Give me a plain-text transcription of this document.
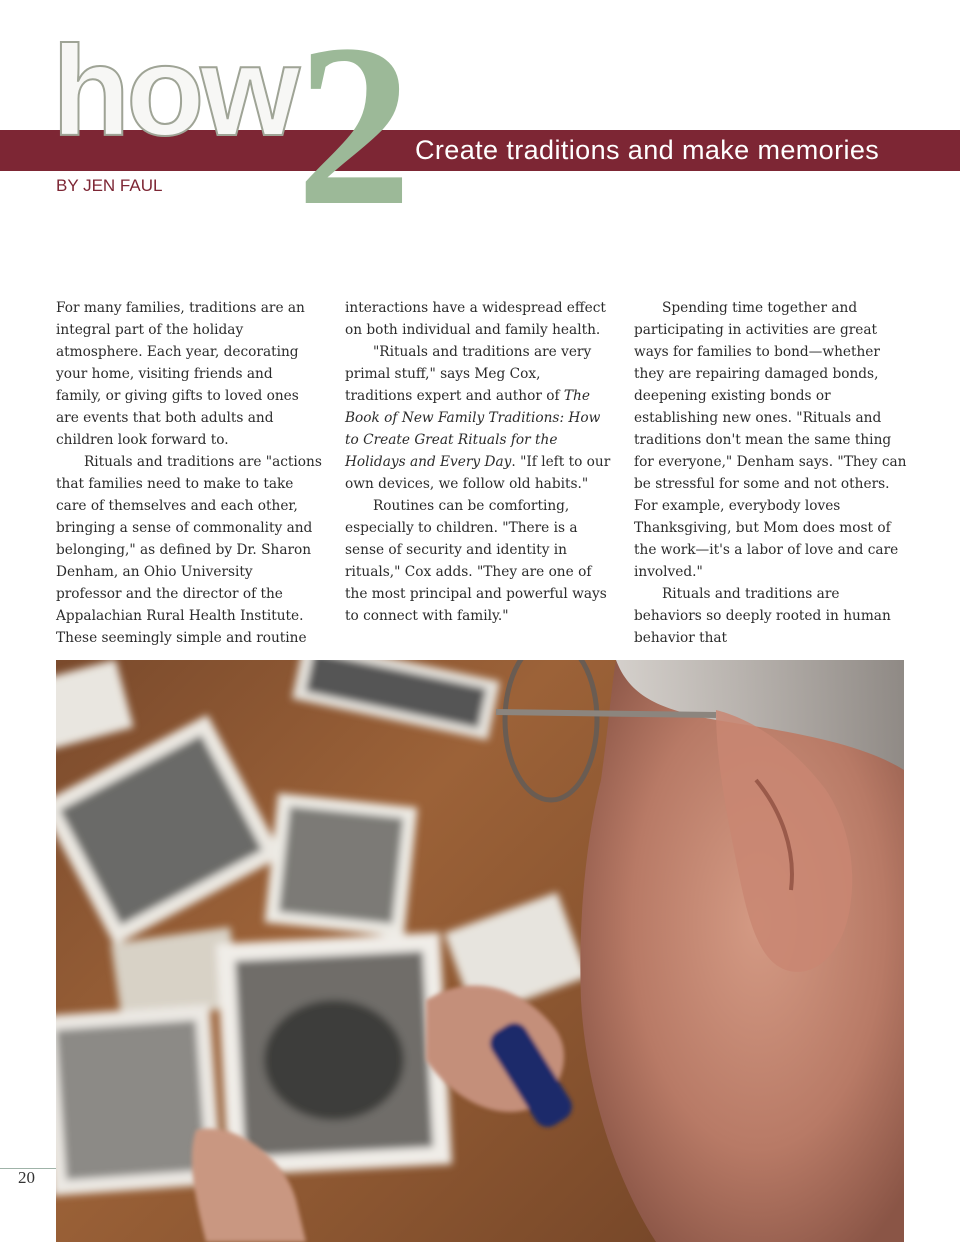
2
how	Create traditions and make memories

BY JEN FAUL

For many families, traditions are an integral part of the holiday atmosphere. Each year, decorating your home, visiting friends and family, or giving gifts to loved ones are events that both adults and children look forward to.

Rituals and traditions are "actions that families need to make to take care of themselves and each other, bringing a sense of commonality and belonging," as defined by Dr. Sharon Denham, an Ohio University professor and the director of the Appalachian Rural Health Institute. These seemingly simple and routine

interactions have a widespread effect on both individual and family health.

"Rituals and traditions are very primal stuff," says Meg Cox, traditions expert and author of The Book of New Family Traditions: How to Create Great Rituals for the Holidays and Every Day. "If left to our own devices, we follow old habits."

Routines can be comforting, especially to children. "There is a sense of security and identity in rituals," Cox adds. "They are one of the most principal and powerful ways to connect with family."

Spending time together and participating in activities are great ways for families to bond—whether they are repairing damaged bonds, deepening existing bonds or establishing new ones. "Rituals and traditions don't mean the same thing for everyone," Denham says. "They can be stressful for some and not others. For example, everybody loves Thanksgiving, but Mom does most of the work—it's a labor of love and care involved."

Rituals and traditions are behaviors so deeply rooted in human behavior that

20
